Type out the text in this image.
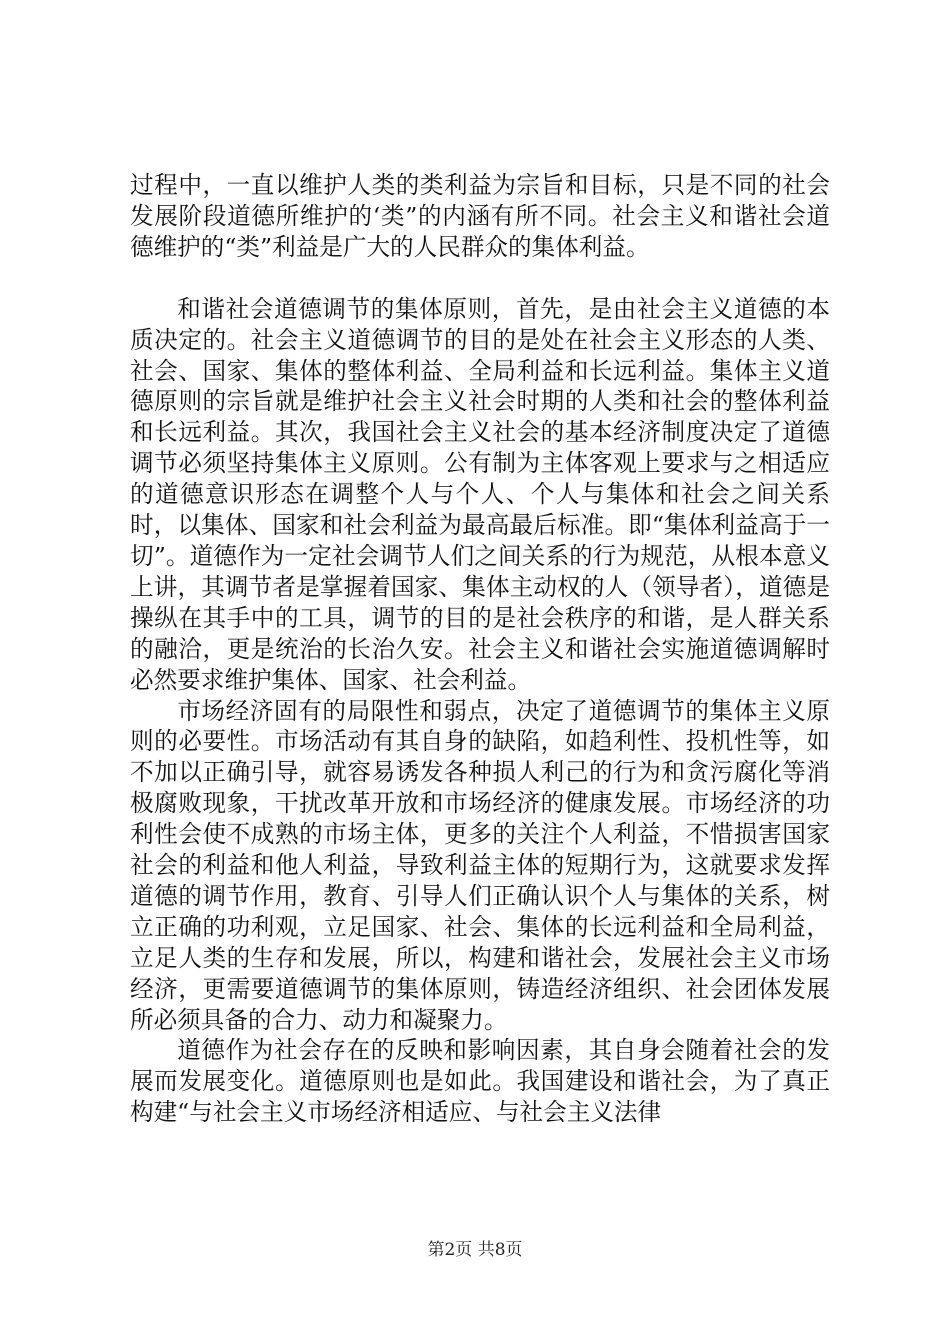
过程中，一直以维护人类的类利益为宗旨和目标，只是不同的社会发展阶段道德所维护的‘类”的内涵有所不同。社会主义和谐社会道德维护的“类”利益是广大的人民群众的集体利益。

和谐社会道德调节的集体原则，首先，是由社会主义道德的本质决定的。社会主义道德调节的目的是处在社会主义形态的人类、社会、国家、集体的整体利益、全局利益和长远利益。集体主义道德原则的宗旨就是维护社会主义社会时期的人类和社会的整体利益和长远利益。其次，我国社会主义社会的基本经济制度决定了道德调节必须坚持集体主义原则。公有制为主体客观上要求与之相适应的道德意识形态在调整个人与个人、个人与集体和社会之间关系时，以集体、国家和社会利益为最高最后标准。即“集体利益高于一切”。道德作为一定社会调节人们之间关系的行为规范，从根本意义上讲，其调节者是掌握着国家、集体主动权的人（领导者），道德是操纵在其手中的工具，调节的目的是社会秩序的和谐，是人群关系的融洽，更是统治的长治久安。社会主义和谐社会实施道德调解时必然要求维护集体、国家、社会利益。

市场经济固有的局限性和弱点，决定了道德调节的集体主义原则的必要性。市场活动有其自身的缺陷，如趋利性、投机性等，如不加以正确引导，就容易诱发各种损人利己的行为和贪污腐化等消极腐败现象，干扰改革开放和市场经济的健康发展。市场经济的功利性会使不成熟的市场主体，更多的关注个人利益，不惜损害国家社会的利益和他人利益，导致利益主体的短期行为，这就要求发挥道德的调节作用，教育、引导人们正确认识个人与集体的关系，树立正确的功利观，立足国家、社会、集体的长远利益和全局利益，立足人类的生存和发展，所以，构建和谐社会，发展社会主义市场经济，更需要道德调节的集体原则，铸造经济组织、社会团体发展所必须具备的合力、动力和凝聚力。

道德作为社会存在的反映和影响因素，其自身会随着社会的发展而发展变化。道德原则也是如此。我国建设和谐社会，为了真正构建“与社会主义市场经济相适应、与社会主义法律

第2页 共8页
